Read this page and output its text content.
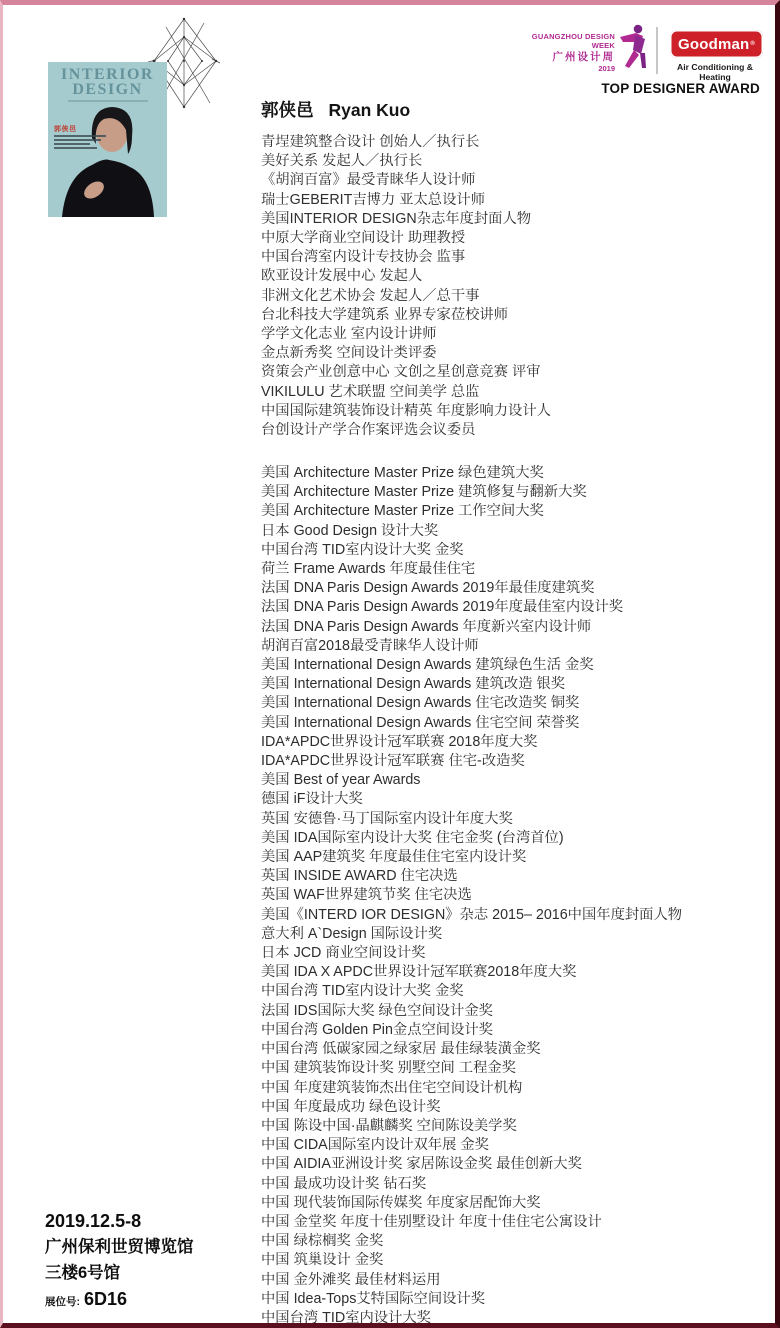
INTERIOR
DESIGN
郭俠邑
GUANGZHOU DESIGN WEEK
广州设计周
2019
Goodman ®
Air Conditioning & Heating
TOP DESIGNER AWARD
郭侠邑 Ryan Kuo
青埕建筑整合设计 创始人／执行长
美好关系 发起人／执行长
《胡润百富》最受青睐华人设计师
瑞士GEBERIT吉博力 亚太总设计师
美国INTERIOR DESIGN杂志年度封面人物
中原大学商业空间设计 助理教授
中国台湾室内设计专技协会 监事
欧亚设计发展中心 发起人
非洲文化艺术协会 发起人／总干事
台北科技大学建筑系 业界专家莅校讲师
学学文化志业 室内设计讲师
金点新秀奖 空间设计类评委
资策会产业创意中心 文创之星创意竞赛 评审
VIKILULU 艺术联盟 空间美学 总监
中国国际建筑装饰设计精英 年度影响力设计人
台创设计产学合作案评选会议委员
美国 Architecture Master Prize 绿色建筑大奖
美国 Architecture Master Prize 建筑修复与翻新大奖
美国 Architecture Master Prize 工作空间大奖
日本 Good Design 设计大奖
中国台湾 TID室内设计大奖 金奖
荷兰 Frame Awards 年度最佳住宅
法国 DNA Paris Design Awards 2019年最佳度建筑奖
法国 DNA Paris Design Awards 2019年度最佳室内设计奖
法国 DNA Paris Design Awards 年度新兴室内设计师
胡润百富2018最受青睐华人设计师
美国 International Design Awards 建筑绿色生活 金奖
美国 International Design Awards 建筑改造 银奖
美国 International Design Awards 住宅改造奖 铜奖
美国 International Design Awards 住宅空间 荣誉奖
IDA*APDC世界设计冠军联赛 2018年度大奖
IDA*APDC世界设计冠军联赛 住宅-改造奖
美国 Best of year Awards
德国 iF设计大奖
英国 安德鲁·马丁国际室内设计年度大奖
美国 IDA国际室内设计大奖 住宅金奖 (台湾首位)
美国 AAP建筑奖 年度最佳住宅室内设计奖
英国 INSIDE AWARD 住宅决选
英国 WAF世界建筑节奖 住宅决选
美国《INTERD IOR DESIGN》杂志 2015– 2016中国年度封面人物
意大利 A`Design 国际设计奖
日本 JCD 商业空间设计奖
美国 IDA X APDC世界设计冠军联赛2018年度大奖
中国台湾 TID室内设计大奖 金奖
法国 IDS国际大奖 绿色空间设计金奖
中国台湾 Golden Pin金点空间设计奖
中国台湾 低碳家园之绿家居 最佳绿装潢金奖
中国 建筑装饰设计奖 别墅空间 工程金奖
中国 年度建筑装饰杰出住宅空间设计机构
中国 年度最成功 绿色设计奖
中国 陈设中国·晶麒麟奖 空间陈设美学奖
中国 CIDA国际室内设计双年展 金奖
中国 AIDIA亚洲设计奖 家居陈设金奖 最佳创新大奖
中国 最成功设计奖 钻石奖
中国 现代装饰国际传媒奖 年度家居配饰大奖
中国 金堂奖 年度十佳别墅设计 年度十佳住宅公寓设计
中国 绿棕榈奖 金奖
中国 筑巢设计 金奖
中国 金外滩奖 最佳材料运用
中国 Idea-Tops艾特国际空间设计奖
中国台湾 TID室内设计大奖
2019.12.5-8
广州保利世贸博览馆
三楼6号馆
展位号: 6D16
